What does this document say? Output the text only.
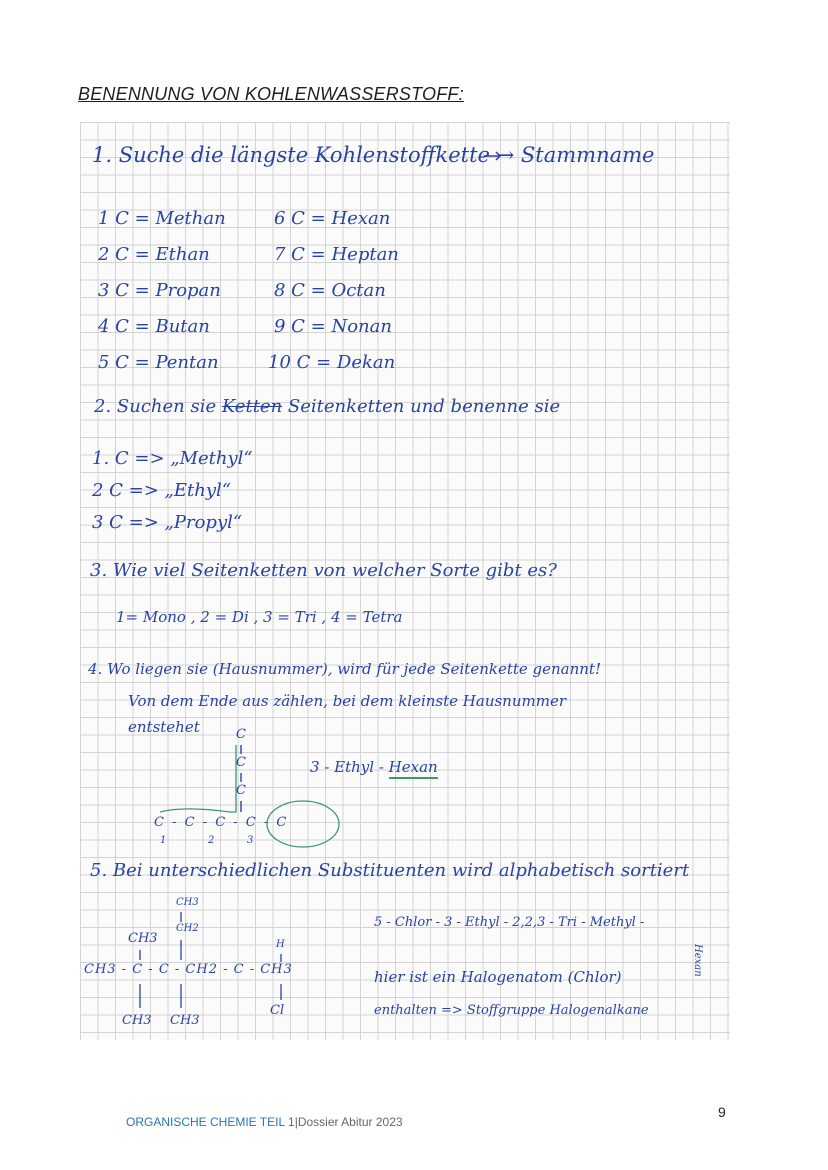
BENENNUNG VON KOHLENWASSERSTOFF:
1. Suche die längste Kohlenstoffkette → Stammname
1 C = Methan
2 C = Ethan
3 C = Propan
4 C = Butan
5 C = Pentan
6 C = Hexan
7 C = Heptan
8 C = Octan
9 C = Nonan
10 C = Dekan
2. Suchen sie Ketten Seitenketten und benenne sie
1. C => „Methyl“
2 C => „Ethyl“
3 C => „Propyl“
3. Wie viel Seitenketten von welcher Sorte gibt es?
1= Mono , 2 = Di , 3 = Tri , 4 = Tetra
4. Wo liegen sie (Hausnummer), wird für jede Seitenkette genannt!
Von dem Ende aus zählen, bei dem kleinste Hausnummer
entstehet	C
C
C
C - C - C - C - C
1	2	3
3 - Ethyl - Hexan
5. Bei unterschiedlichen Substituenten wird alphabetisch sortiert
CH3
CH2
CH3	H
CH3 - C - C - CH2 - C - CH3
CH3 CH3
Cl
5 - Chlor - 3 - Ethyl - 2,2,3 - Tri - Methyl -
Hexan
hier ist ein Halogenatom (Chlor)
enthalten => Stoffgruppe Halogenalkane
ORGANISCHE CHEMIE TEIL 1|Dossier Abitur 2023
9
